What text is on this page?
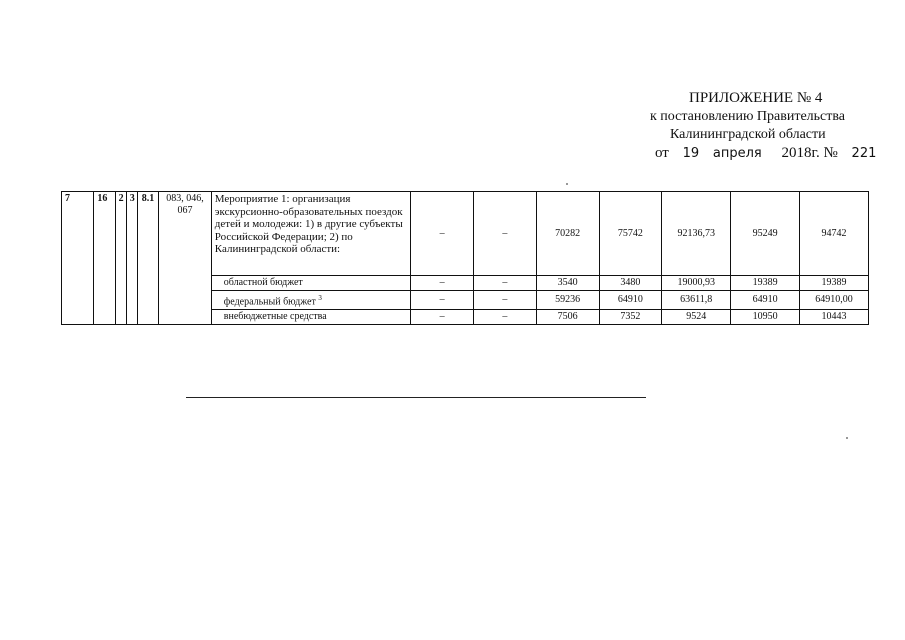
ПРИЛОЖЕНИЕ № 4
к постановлению Правительства
Калининградской области
от 19 апреля 2018г. № 221
7	16	2	3	8.1	083, 046, 067	Мероприятие 1: организация экскурсионно-образовательных поездок детей и молодежи: 1) в другие субъекты Российской Федерации; 2) по Калининградской области:	–	–	70282	75742	92136,73	95249	94742
						областной бюджет	–	–	3540	3480	19000,93	19389	19389
						федеральный бюджет $^3$	–	–	59236	64910	63611,8	64910	64910,00
						внебюджетные средства	–	–	7506	7352	9524	10950	10443
